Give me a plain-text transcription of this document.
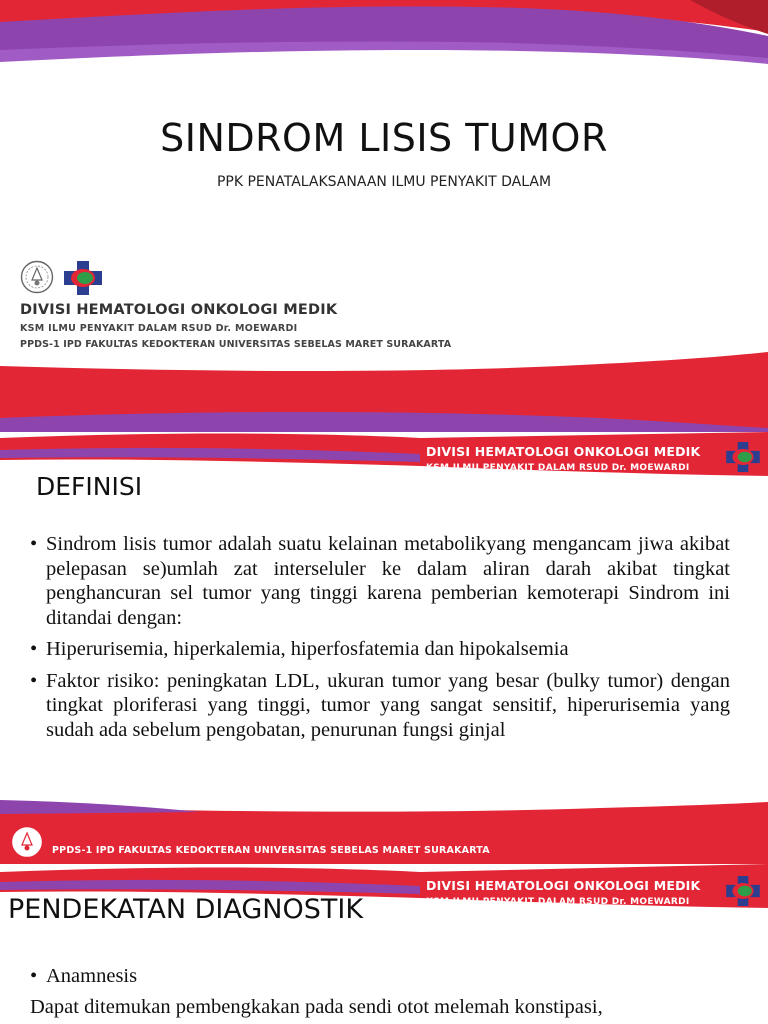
SINDROM LISIS TUMOR

PPK PENATALAKSANAAN ILMU PENYAKIT DALAM

DIVISI HEMATOLOGI ONKOLOGI MEDIK

KSM ILMU PENYAKIT DALAM RSUD Dr. MOEWARDI

PPDS-1 IPD FAKULTAS KEDOKTERAN UNIVERSITAS SEBELAS MARET SURAKARTA

DIVISI HEMATOLOGI ONKOLOGI MEDIK
KSM ILMU PENYAKIT DALAM RSUD Dr. MOEWARDI

DEFINISI

• Sindrom lisis tumor adalah suatu kelainan metabolikyang mengancam jiwa akibat pelepasan se)umlah zat interseluler ke dalam aliran darah akibat tingkat penghancuran sel tumor yang tinggi karena pemberian kemoterapi Sindrom ini ditandai dengan:
• Hiperurisemia, hiperkalemia, hiperfosfatemia dan hipokalsemia
• Faktor risiko: peningkatan LDL, ukuran tumor yang besar (bulky tumor) dengan tingkat ploriferasi yang tinggi, tumor yang sangat sensitif, hiperurisemia yang sudah ada sebelum pengobatan, penurunan fungsi ginjal
PPDS-1 IPD FAKULTAS KEDOKTERAN UNIVERSITAS SEBELAS MARET SURAKARTA
DIVISI HEMATOLOGI ONKOLOGI MEDIK
KSM ILMU PENYAKIT DALAM RSUD Dr. MOEWARDI

PENDEKATAN DIAGNOSTIK

• Anamnesis
Dapat ditemukan pembengkakan pada sendi otot melemah konstipasi,
